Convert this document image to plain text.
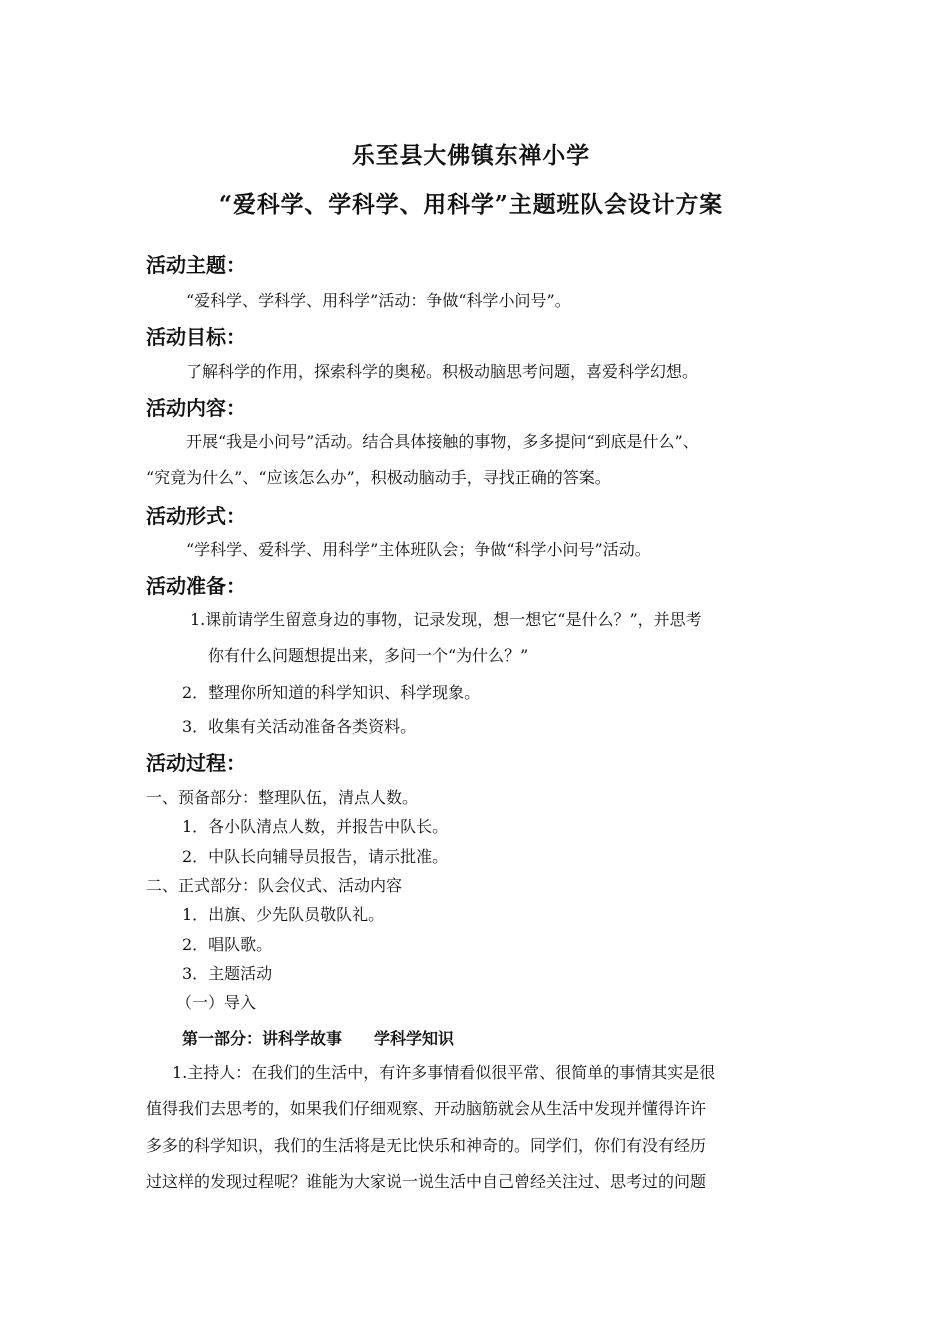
乐至县大佛镇东禅小学
“爱科学、学科学、用科学”主题班队会设计方案
活动主题：
“爱科学、学科学、用科学”活动：争做“科学小问号”。
活动目标：
了解科学的作用，探索科学的奥秘。积极动脑思考问题，喜爱科学幻想。
活动内容：
开展“我是小问号”活动。结合具体接触的事物，多多提问“到底是什么”、
“究竟为什么”、“应该怎么办”，积极动脑动手，寻找正确的答案。
活动形式：
“学科学、爱科学、用科学”主体班队会；争做“科学小问号”活动。
活动准备：
1.课前请学生留意身边的事物，记录发现，想一想它“是什么？”，并思考
你有什么问题想提出来，多问一个“为什么？”
2．整理你所知道的科学知识、科学现象。
3．收集有关活动准备各类资料。
活动过程：
一、预备部分：整理队伍，清点人数。
1．各小队清点人数，并报告中队长。
2．中队长向辅导员报告，请示批准。
二、正式部分：队会仪式、活动内容
1．出旗、少先队员敬队礼。
2．唱队歌。
3．主题活动
（一）导入
第一部分：讲科学故事　　学科学知识
1.主持人：在我们的生活中，有许多事情看似很平常、很简单的事情其实是很
值得我们去思考的，如果我们仔细观察、开动脑筋就会从生活中发现并懂得许许
多多的科学知识，我们的生活将是无比快乐和神奇的。同学们，你们有没有经历
过这样的发现过程呢？谁能为大家说一说生活中自己曾经关注过、思考过的问题
